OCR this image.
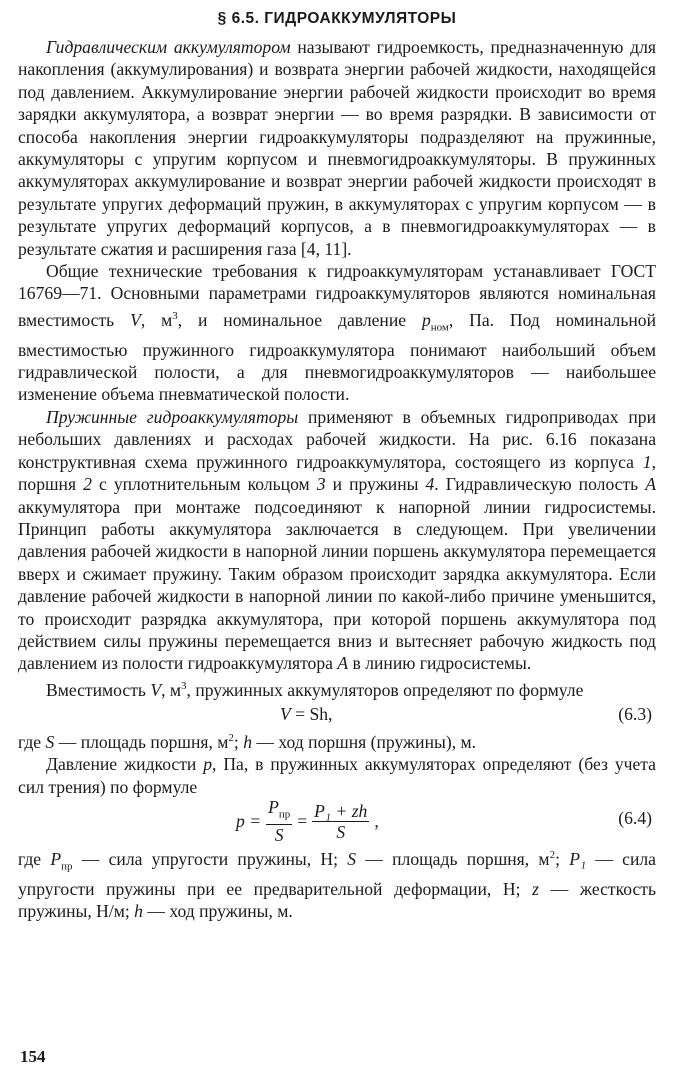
§ 6.5. ГИДРОАККУМУЛЯТОРЫ

Гидравлическим аккумулятором называют гидроемкость, предназначенную для накопления (аккумулирования) и возврата энергии рабочей жидкости, находящейся под давлением. Аккумулирование энергии рабочей жидкости происходит во время зарядки аккумулятора, а возврат энергии — во время разрядки. В зависимости от способа накопления энергии гидроаккумуляторы подразделяют на пружинные, аккумуляторы с упругим корпусом и пневмогидроаккумуляторы. В пружинных аккумуляторах аккумулирование и возврат энергии рабочей жидкости происходят в результате упругих деформаций пружин, в аккумуляторах с упругим корпусом — в результате упругих деформаций корпусов, а в пневмогидроаккумуляторах — в результате сжатия и расширения газа [4, 11].

Общие технические требования к гидроаккумуляторам устанавливает ГОСТ 16769—71. Основными параметрами гидроаккумуляторов являются номинальная вместимость V, $м^3$, и номинальное давление $p_{ном}$, Па. Под номинальной вместимостью пружинного гидроаккумулятора понимают наибольший объем гидравлической полости, а для пневмогидроаккумуляторов — наибольшее изменение объема пневматической полости.

Пружинные гидроаккумуляторы применяют в объемных гидроприводах при небольших давлениях и расходах рабочей жидкости. На рис. 6.16 показана конструктивная схема пружинного гидроаккумулятора, состоящего из корпуса 1, поршня 2 с уплотнительным кольцом 3 и пружины 4. Гидравлическую полость A аккумулятора при монтаже подсоединяют к напорной линии гидросистемы. Принцип работы аккумулятора заключается в следующем. При увеличении давления рабочей жидкости в напорной линии поршень аккумулятора перемещается вверх и сжимает пружину. Таким образом происходит зарядка аккумулятора. Если давление рабочей жидкости в напорной линии по какой-либо причине уменьшится, то происходит разрядка аккумулятора, при которой поршень аккумулятора под действием силы пружины перемещается вниз и вытесняет рабочую жидкость под давлением из полости гидроаккумулятора A в линию гидросистемы.

Вместимость V, $м^3$, пружинных аккумуляторов определяют по формуле

V = Sh,	(6.3)

где S — площадь поршня, $м^2$; h — ход поршня (пружины), м.

Давление жидкости p, Па, в пружинных аккумуляторах определяют (без учета сил трения) по формуле

$p = \frac{P_{пр}}{S} = \frac{\text{P₁ + zh}}{S}$ ,	(6.4)

где $P_{пр}$ — сила упругости пружины, Н; S — площадь поршня, $м^2$; P₁ — сила упругости пружины при ее предварительной деформации, Н; z — жесткость пружины, Н/м; h — ход пружины, м.

154
